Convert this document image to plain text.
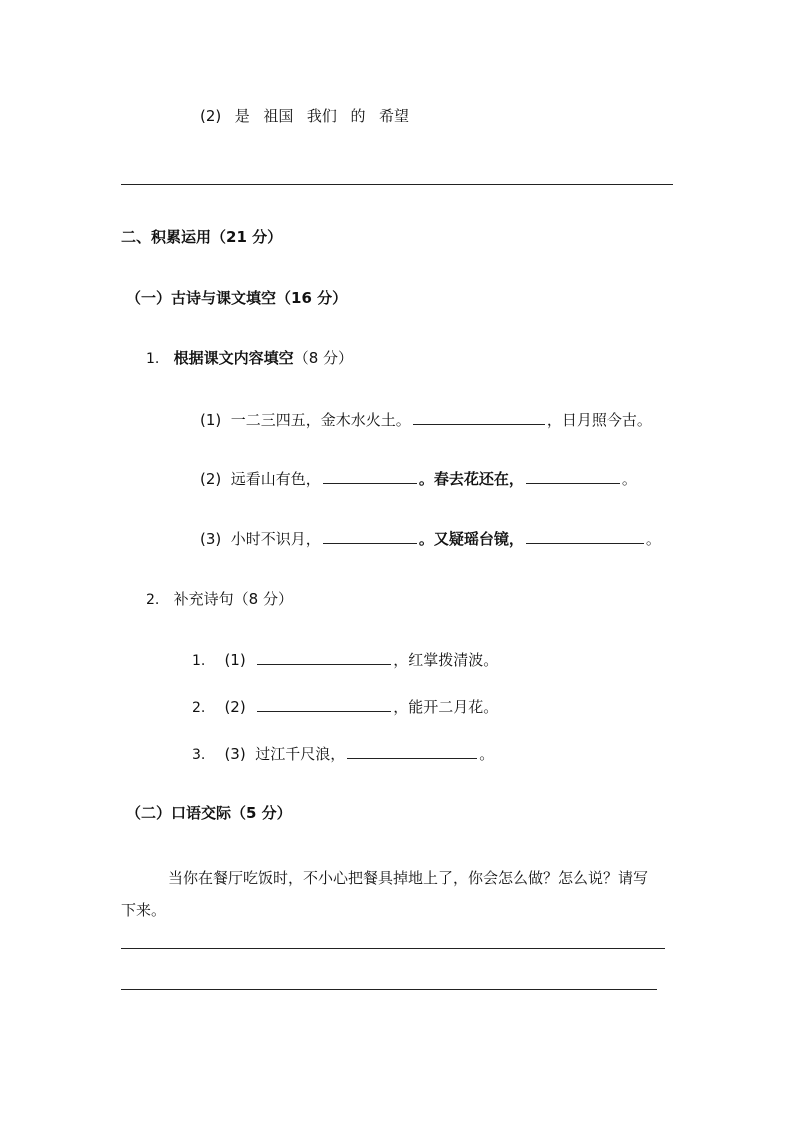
(2) 是 祖国 我们 的 希望
二、积累运用（21 分）
（一）古诗与课文填空（16 分）
1. 根据课文内容填空（8 分）
(1) 一二三四五，金木水火土。	，日月照今古。
(2) 远看山有色，	。春去花还在，	。
(3) 小时不识月，	。又疑瑶台镜，	。
2. 补充诗句（8 分）
1. (1)	，红掌拨清波。
2. (2)	，能开二月花。
3. (3) 过江千尺浪，	。
（二）口语交际（5 分）
当你在餐厅吃饭时，不小心把餐具掉地上了，你会怎么做？怎么说？请写
下来。
